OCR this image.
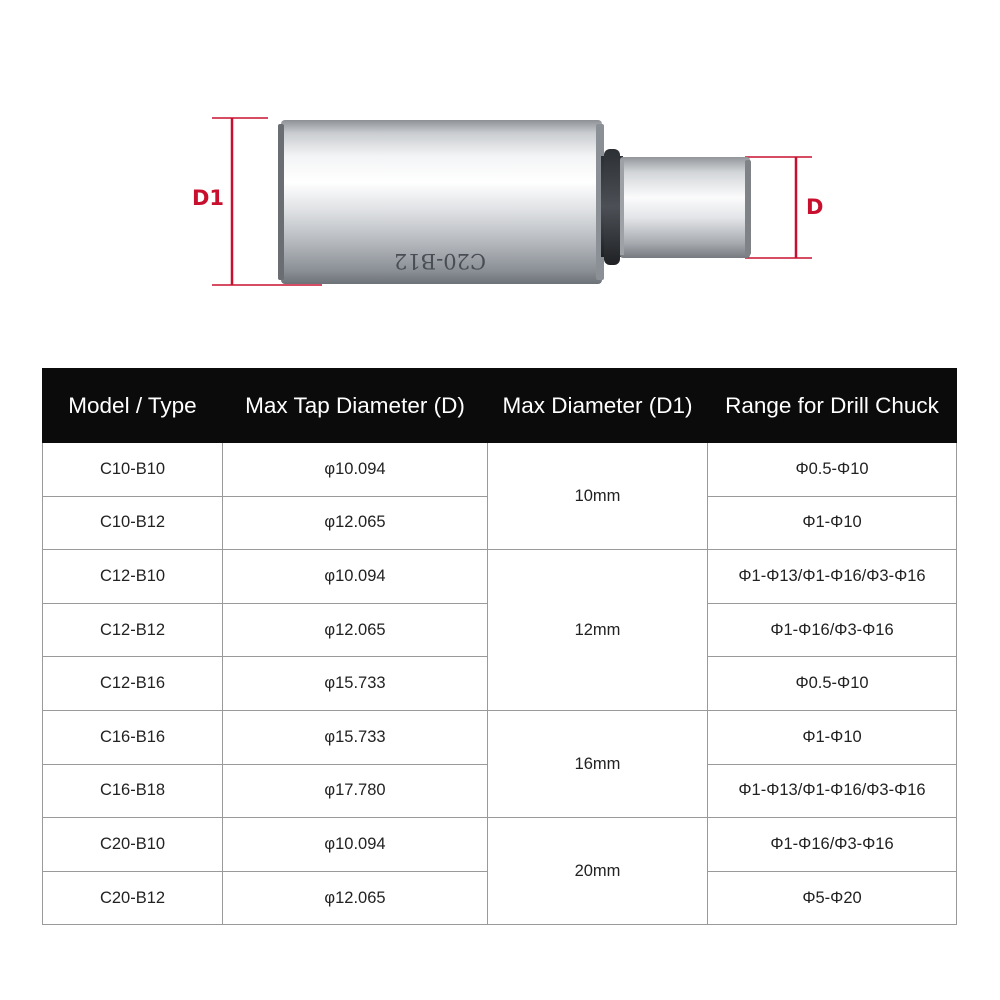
C20-B12
D1	D
Model / Type	Max Tap Diameter (D)	Max Diameter (D1)	Range for Drill Chuck
C10-B10	φ10.094	10mm	Φ0.5-Φ10
C10-B12	φ12.065		Φ1-Φ10
C12-B10	φ10.094	12mm	Φ1-Φ13/Φ1-Φ16/Φ3-Φ16
C12-B12	φ12.065		Φ1-Φ16/Φ3-Φ16
C12-B16	φ15.733		Φ0.5-Φ10
C16-B16	φ15.733	16mm	Φ1-Φ10
C16-B18	φ17.780		Φ1-Φ13/Φ1-Φ16/Φ3-Φ16
C20-B10	φ10.094	20mm	Φ1-Φ16/Φ3-Φ16
C20-B12	φ12.065		Φ5-Φ20
